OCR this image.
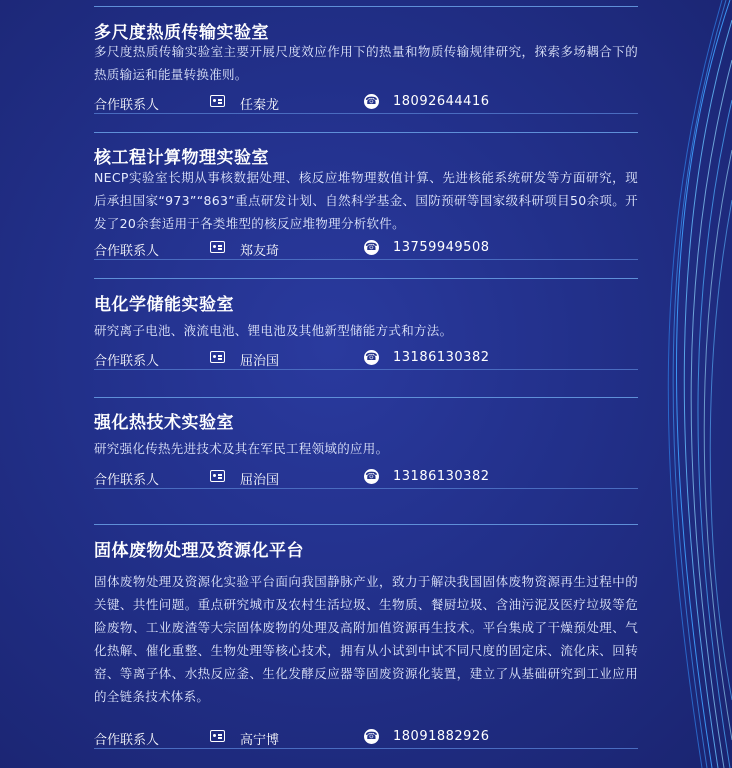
多尺度热质传输实验室
多尺度热质传输实验室主要开展尺度效应作用下的热量和物质传输规律研究，探索多场耦合下的热质输运和能量转换准则。
合作联系人	任秦龙	☎ 18092644416
核工程计算物理实验室
NECP实验室长期从事核数据处理、核反应堆物理数值计算、先进核能系统研发等方面研究，现后承担国家“973”“863”重点研发计划、自然科学基金、国防预研等国家级科研项目50余项。开发了20余套适用于各类堆型的核反应堆物理分析软件。
合作联系人	郑友琦	☎ 13759949508
电化学储能实验室
研究离子电池、液流电池、锂电池及其他新型储能方式和方法。
合作联系人	屈治国	☎ 13186130382
强化热技术实验室
研究强化传热先进技术及其在军民工程领域的应用。
合作联系人	屈治国	☎ 13186130382
固体废物处理及资源化平台
固体废物处理及资源化实验平台面向我国静脉产业，致力于解决我国固体废物资源再生过程中的关键、共性问题。重点研究城市及农村生活垃圾、生物质、餐厨垃圾、含油污泥及医疗垃圾等危险废物、工业废渣等大宗固体废物的处理及高附加值资源再生技术。平台集成了干燥预处理、气化热解、催化重整、生物处理等核心技术，拥有从小试到中试不同尺度的固定床、流化床、回转窑、等离子体、水热反应釜、生化发酵反应器等固废资源化装置，建立了从基础研究到工业应用的全链条技术体系。
合作联系人	高宁博	☎ 18091882926
